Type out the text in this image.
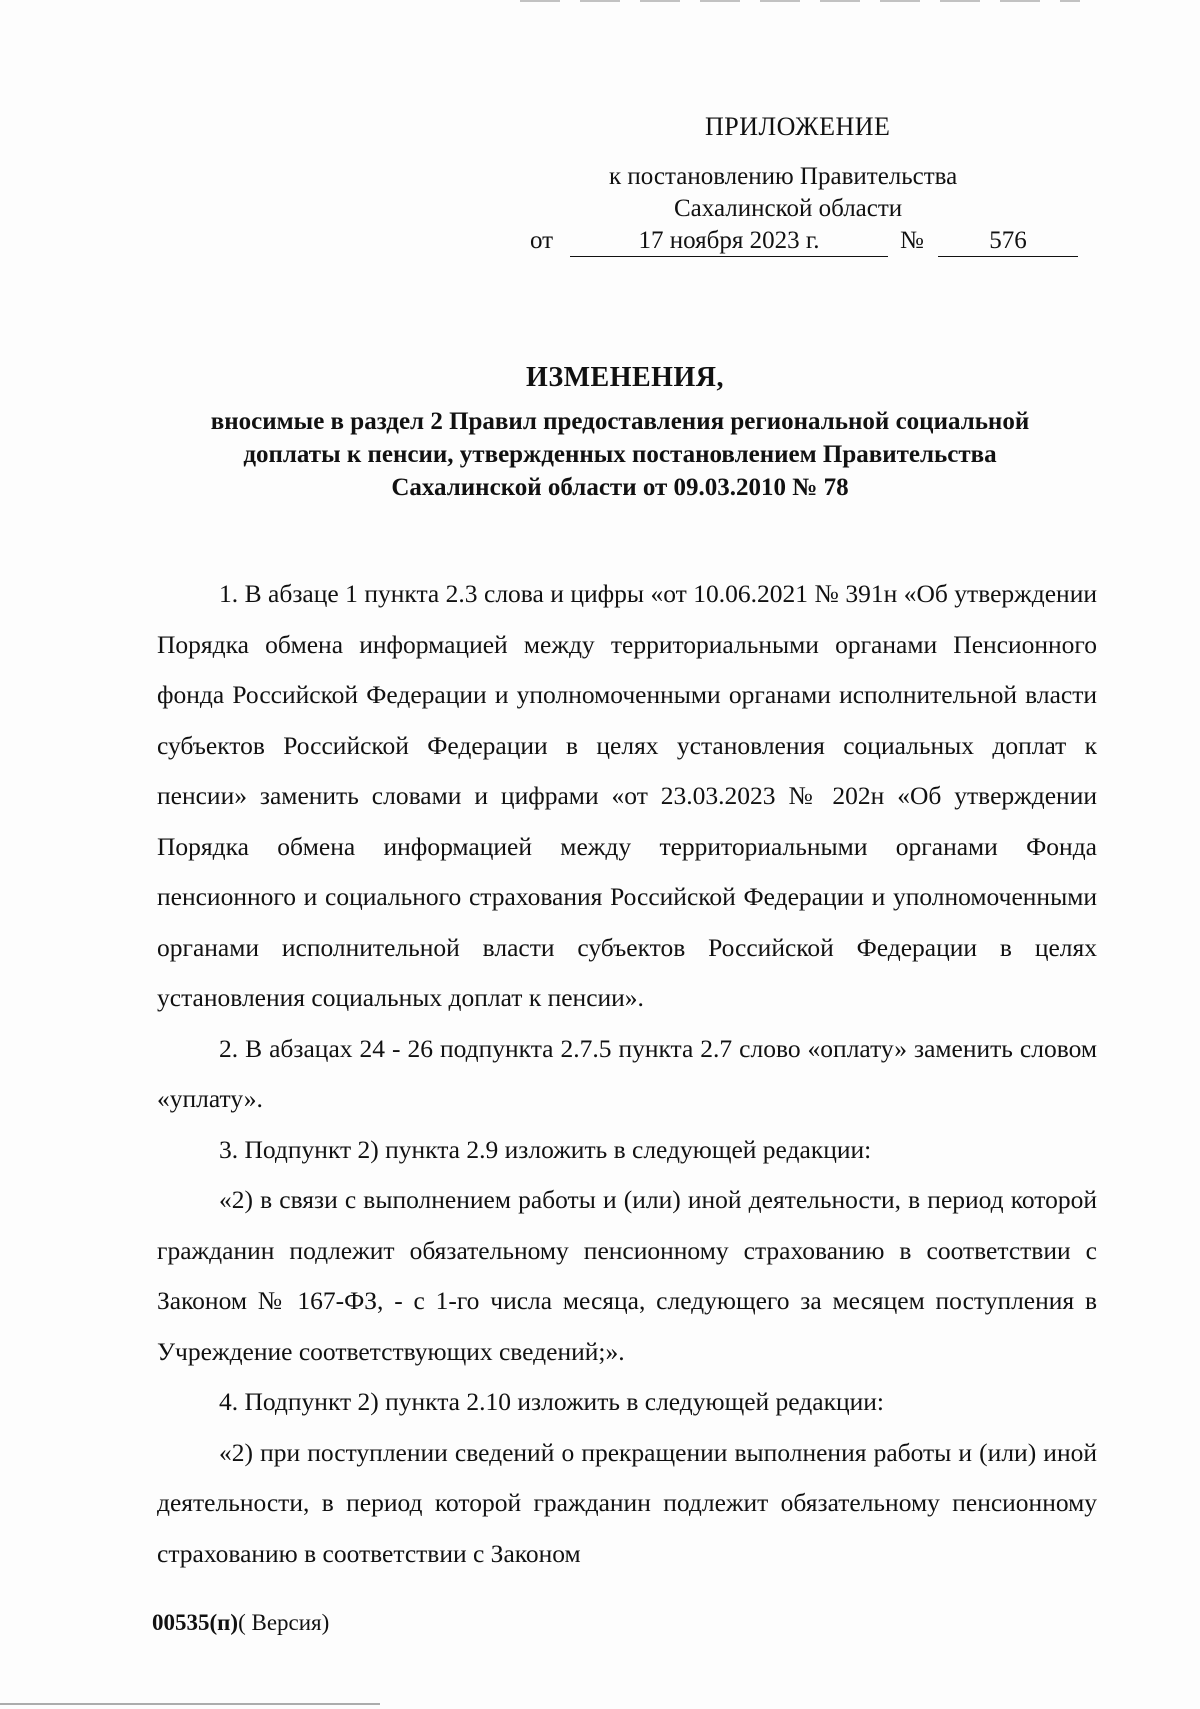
ПРИЛОЖЕНИЕ
к постановлению Правительства
Сахалинской области
от	17 ноября 2023 г.	№	576
ИЗМЕНЕНИЯ,
вносимые в раздел 2 Правил предоставления региональной социальной
доплаты к пенсии, утвержденных постановлением Правительства
Сахалинской области от 09.03.2010 № 78

1. В абзаце 1 пункта 2.3 слова и цифры «от 10.06.2021 № 391н «Об утверждении Порядка обмена информацией между территориальными органами Пенсионного фонда Российской Федерации и уполномоченными органами исполнительной власти субъектов Российской Федерации в целях установления социальных доплат к пенсии» заменить словами и цифрами «от 23.03.2023 № 202н «Об утверждении Порядка обмена информацией между территориальными органами Фонда пенсионного и социального страхования Российской Федерации и уполномоченными органами исполнительной власти субъектов Российской Федерации в целях установления социальных доплат к пенсии».

2. В абзацах 24 - 26 подпункта 2.7.5 пункта 2.7 слово «оплату» заменить словом «уплату».

3. Подпункт 2) пункта 2.9 изложить в следующей редакции:

«2) в связи с выполнением работы и (или) иной деятельности, в период которой гражданин подлежит обязательному пенсионному страхованию в соответствии с Законом № 167-ФЗ, - с 1-го числа месяца, следующего за месяцем поступления в Учреждение соответствующих сведений;».

4. Подпункт 2) пункта 2.10 изложить в следующей редакции:

«2) при поступлении сведений о прекращении выполнения работы и (или) иной деятельности, в период которой гражданин подлежит обязательному пенсионному страхованию в соответствии с Законом

00535(п)( Версия)
